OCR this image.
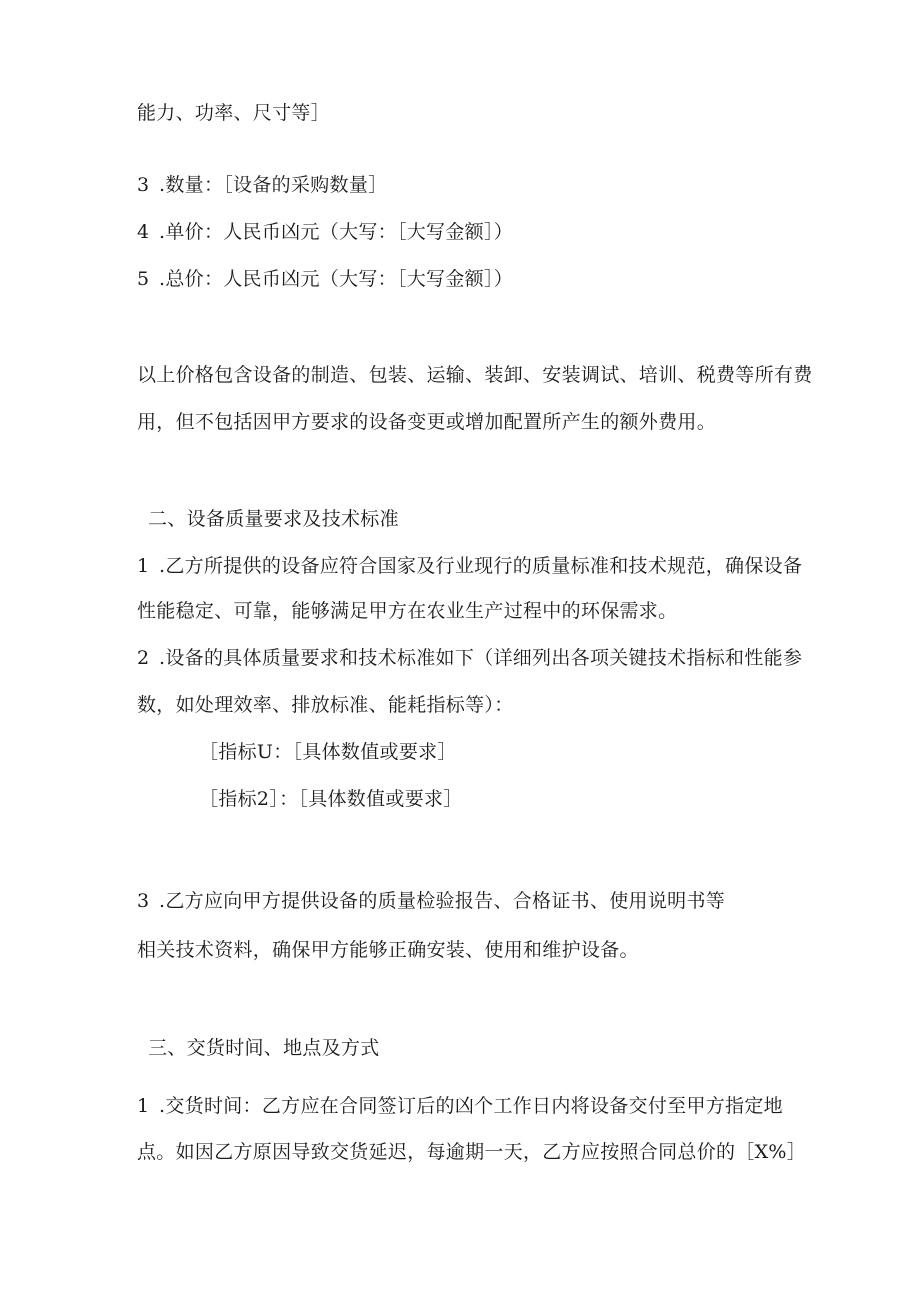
能力、功率、尺寸等］
3 .数量：［设备的采购数量］
4 .单价：人民币凶元（大写：［大写金额］）
5 .总价：人民币凶元（大写：［大写金额］）
以上价格包含设备的制造、包装、运输、装卸、安装调试、培训、税费等所有费
用，但不包括因甲方要求的设备变更或增加配置所产生的额外费用。
二、设备质量要求及技术标准
1 .乙方所提供的设备应符合国家及行业现行的质量标准和技术规范，确保设备
性能稳定、可靠，能够满足甲方在农业生产过程中的环保需求。
2 .设备的具体质量要求和技术标准如下（详细列出各项关键技术指标和性能参
数，如处理效率、排放标准、能耗指标等）：
［指标U：［具体数值或要求］
［指标2］：［具体数值或要求］
3 .乙方应向甲方提供设备的质量检验报告、合格证书、使用说明书等
相关技术资料，确保甲方能够正确安装、使用和维护设备。
三、交货时间、地点及方式
1 .交货时间：乙方应在合同签订后的凶个工作日内将设备交付至甲方指定地
点。如因乙方原因导致交货延迟，每逾期一天，乙方应按照合同总价的［X%］
